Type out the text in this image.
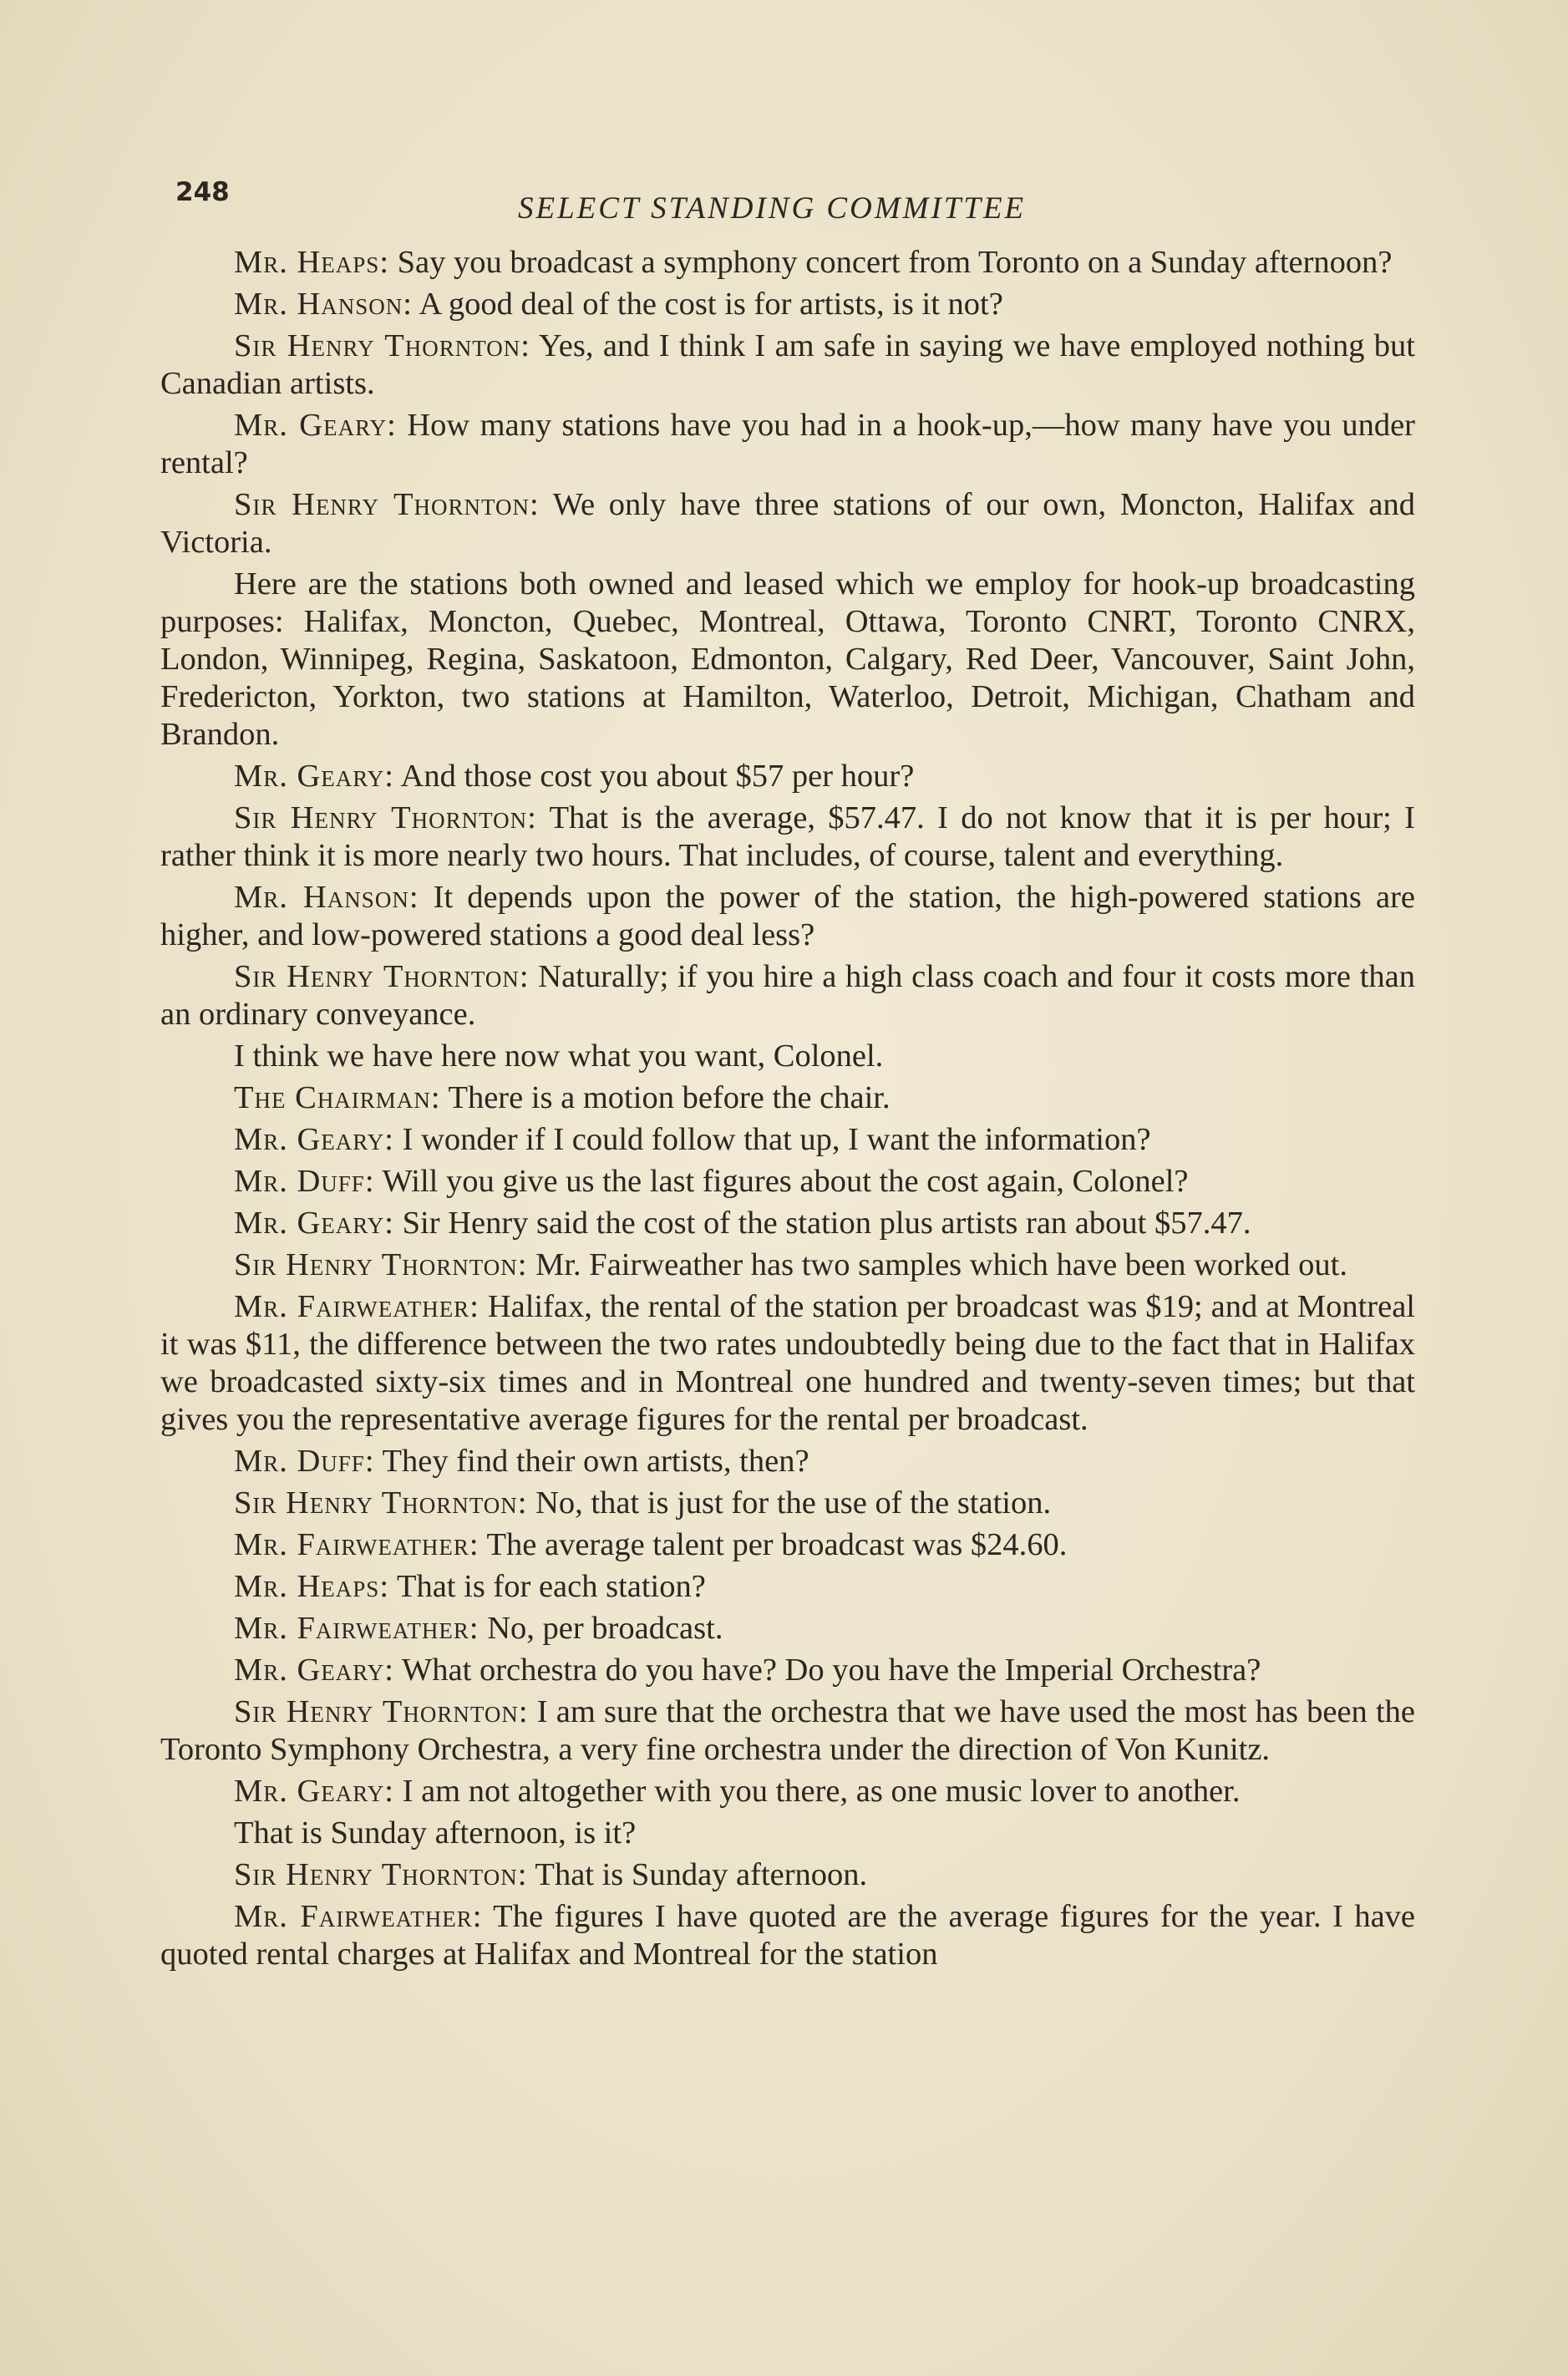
248	SELECT STANDING COMMITTEE

Mr. Heaps: Say you broadcast a symphony concert from Toronto on a Sunday afternoon?

Mr. Hanson: A good deal of the cost is for artists, is it not?

Sir Henry Thornton: Yes, and I think I am safe in saying we have employed nothing but Canadian artists.

Mr. Geary: How many stations have you had in a hook-up,—how many have you under rental?

Sir Henry Thornton: We only have three stations of our own, Moncton, Halifax and Victoria.

Here are the stations both owned and leased which we employ for hook-up broadcasting purposes: Halifax, Moncton, Quebec, Montreal, Ottawa, Toronto CNRT, Toronto CNRX, London, Winnipeg, Regina, Saskatoon, Edmonton, Calgary, Red Deer, Vancouver, Saint John, Fredericton, Yorkton, two stations at Hamilton, Waterloo, Detroit, Michigan, Chatham and Brandon.

Mr. Geary: And those cost you about $57 per hour?

Sir Henry Thornton: That is the average, $57.47. I do not know that it is per hour; I rather think it is more nearly two hours. That includes, of course, talent and everything.

Mr. Hanson: It depends upon the power of the station, the high-powered stations are higher, and low-powered stations a good deal less?

Sir Henry Thornton: Naturally; if you hire a high class coach and four it costs more than an ordinary conveyance.

I think we have here now what you want, Colonel.

The Chairman: There is a motion before the chair.

Mr. Geary: I wonder if I could follow that up, I want the information?

Mr. Duff: Will you give us the last figures about the cost again, Colonel?

Mr. Geary: Sir Henry said the cost of the station plus artists ran about $57.47.

Sir Henry Thornton: Mr. Fairweather has two samples which have been worked out.

Mr. Fairweather: Halifax, the rental of the station per broadcast was $19; and at Montreal it was $11, the difference between the two rates undoubtedly being due to the fact that in Halifax we broadcasted sixty-six times and in Montreal one hundred and twenty-seven times; but that gives you the representative average figures for the rental per broadcast.

Mr. Duff: They find their own artists, then?

Sir Henry Thornton: No, that is just for the use of the station.

Mr. Fairweather: The average talent per broadcast was $24.60.

Mr. Heaps: That is for each station?

Mr. Fairweather: No, per broadcast.

Mr. Geary: What orchestra do you have? Do you have the Imperial Orchestra?

Sir Henry Thornton: I am sure that the orchestra that we have used the most has been the Toronto Symphony Orchestra, a very fine orchestra under the direction of Von Kunitz.

Mr. Geary: I am not altogether with you there, as one music lover to another.

That is Sunday afternoon, is it?

Sir Henry Thornton: That is Sunday afternoon.

Mr. Fairweather: The figures I have quoted are the average figures for the year. I have quoted rental charges at Halifax and Montreal for the station
